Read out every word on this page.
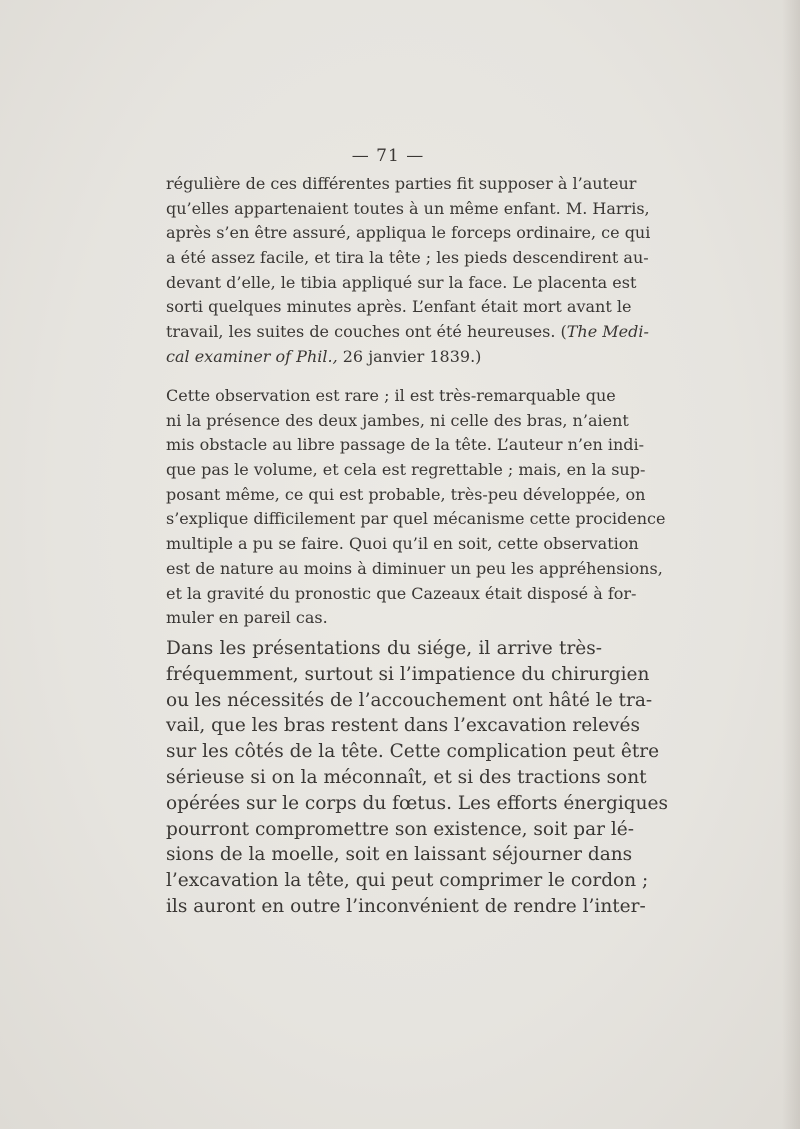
— 71 —
régulière de ces différentes parties fit supposer à l’auteur
qu’elles appartenaient toutes à un même enfant. M. Harris,
après s’en être assuré, appliqua le forceps ordinaire, ce qui
a été assez facile, et tira la tête ; les pieds descendirent au-
devant d’elle, le tibia appliqué sur la face. Le placenta est
sorti quelques minutes après. L’enfant était mort avant le
travail, les suites de couches ont été heureuses. (The Medi-
cal examiner of Phil., 26 janvier 1839.)
Cette observation est rare ; il est très-remarquable que
ni la présence des deux jambes, ni celle des bras, n’aient
mis obstacle au libre passage de la tête. L’auteur n’en indi-
que pas le volume, et cela est regrettable ; mais, en la sup-
posant même, ce qui est probable, très-peu développée, on
s’explique difficilement par quel mécanisme cette procidence
multiple a pu se faire. Quoi qu’il en soit, cette observation
est de nature au moins à diminuer un peu les appréhensions,
et la gravité du pronostic que Cazeaux était disposé à for-
muler en pareil cas.
Dans les présentations du siége, il arrive très-
fréquemment, surtout si l’impatience du chirurgien
ou les nécessités de l’accouchement ont hâté le tra-
vail, que les bras restent dans l’excavation relevés
sur les côtés de la tête. Cette complication peut être
sérieuse si on la méconnaît, et si des tractions sont
opérées sur le corps du fœtus. Les efforts énergiques
pourront compromettre son existence, soit par lé-
sions de la moelle, soit en laissant séjourner dans
l’excavation la tête, qui peut comprimer le cordon ;
ils auront en outre l’inconvénient de rendre l’inter-
